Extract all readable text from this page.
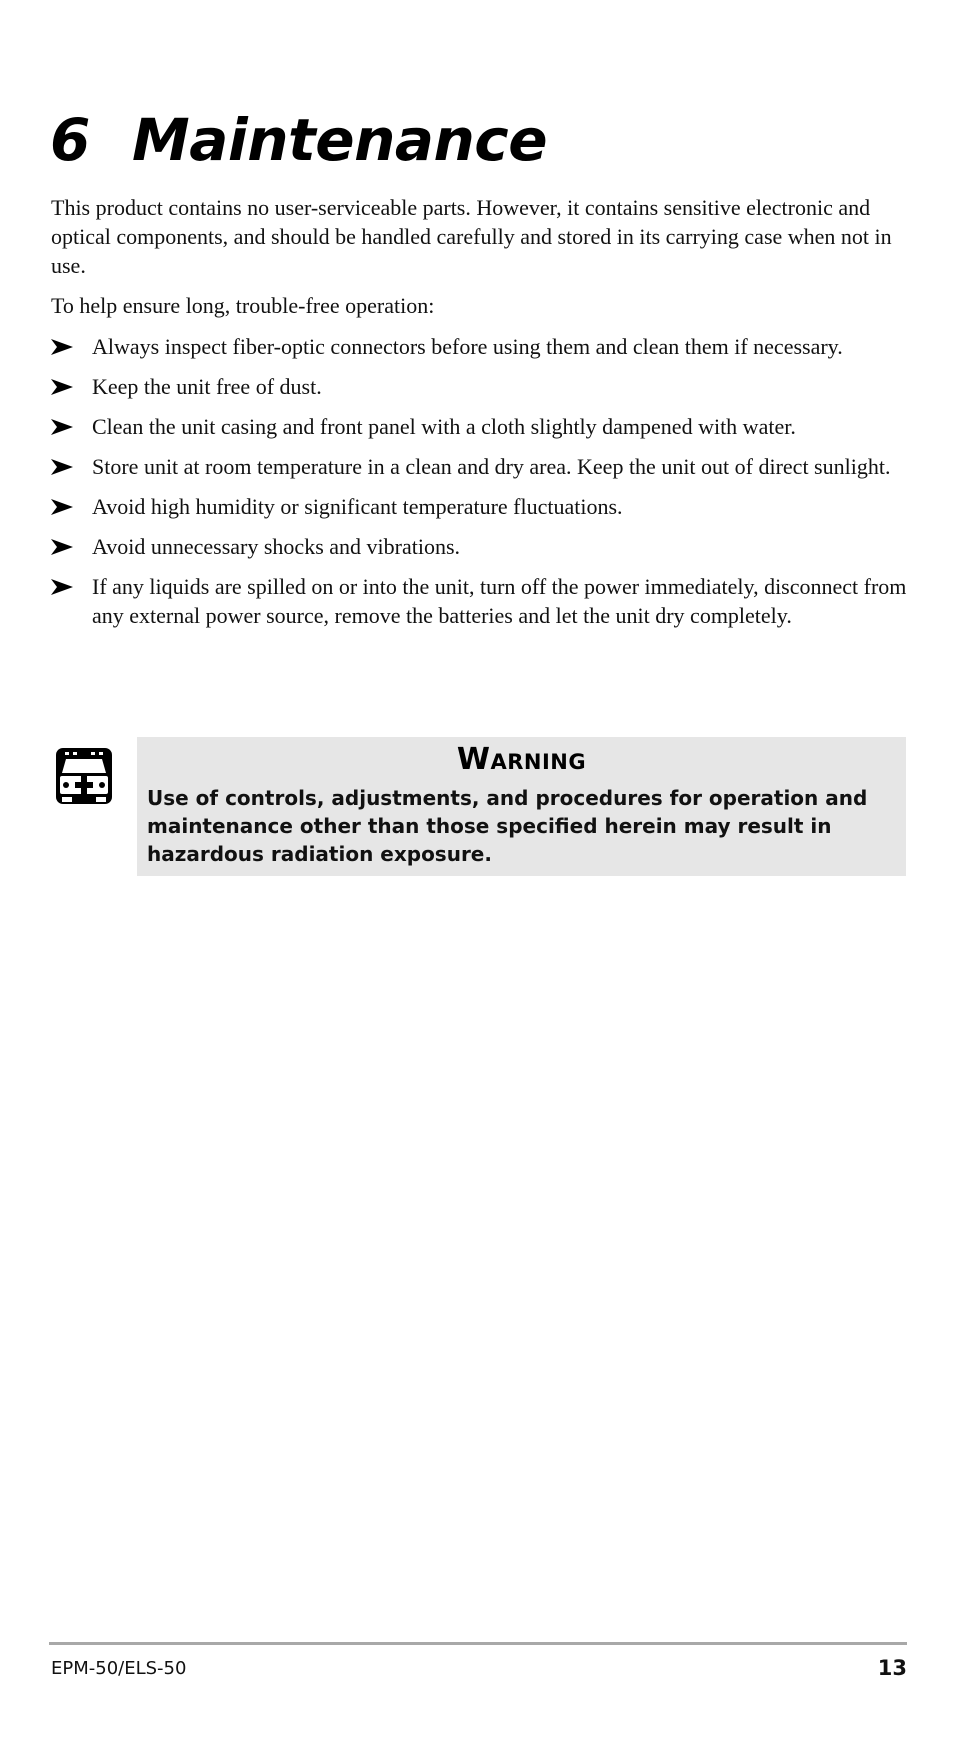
6 Maintenance

This product contains no user-serviceable parts. However, it contains sensitive electronic and optical components, and should be handled carefully and stored in its carrying case when not in use.

To help ensure long, trouble-free operation:

Always inspect fiber-optic connectors before using them and clean them if necessary.
Keep the unit free of dust.
Clean the unit casing and front panel with a cloth slightly dampened with water.
Store unit at room temperature in a clean and dry area. Keep the unit out of direct sunlight.
Avoid high humidity or significant temperature fluctuations.
Avoid unnecessary shocks and vibrations.
If any liquids are spilled on or into the unit, turn off the power immediately, disconnect from any external power source, remove the batteries and let the unit dry completely.
Warning
Use of controls, adjustments, and procedures for operation and maintenance other than those specified herein may result in hazardous radiation exposure.
EPM-50/ELS-50	13
